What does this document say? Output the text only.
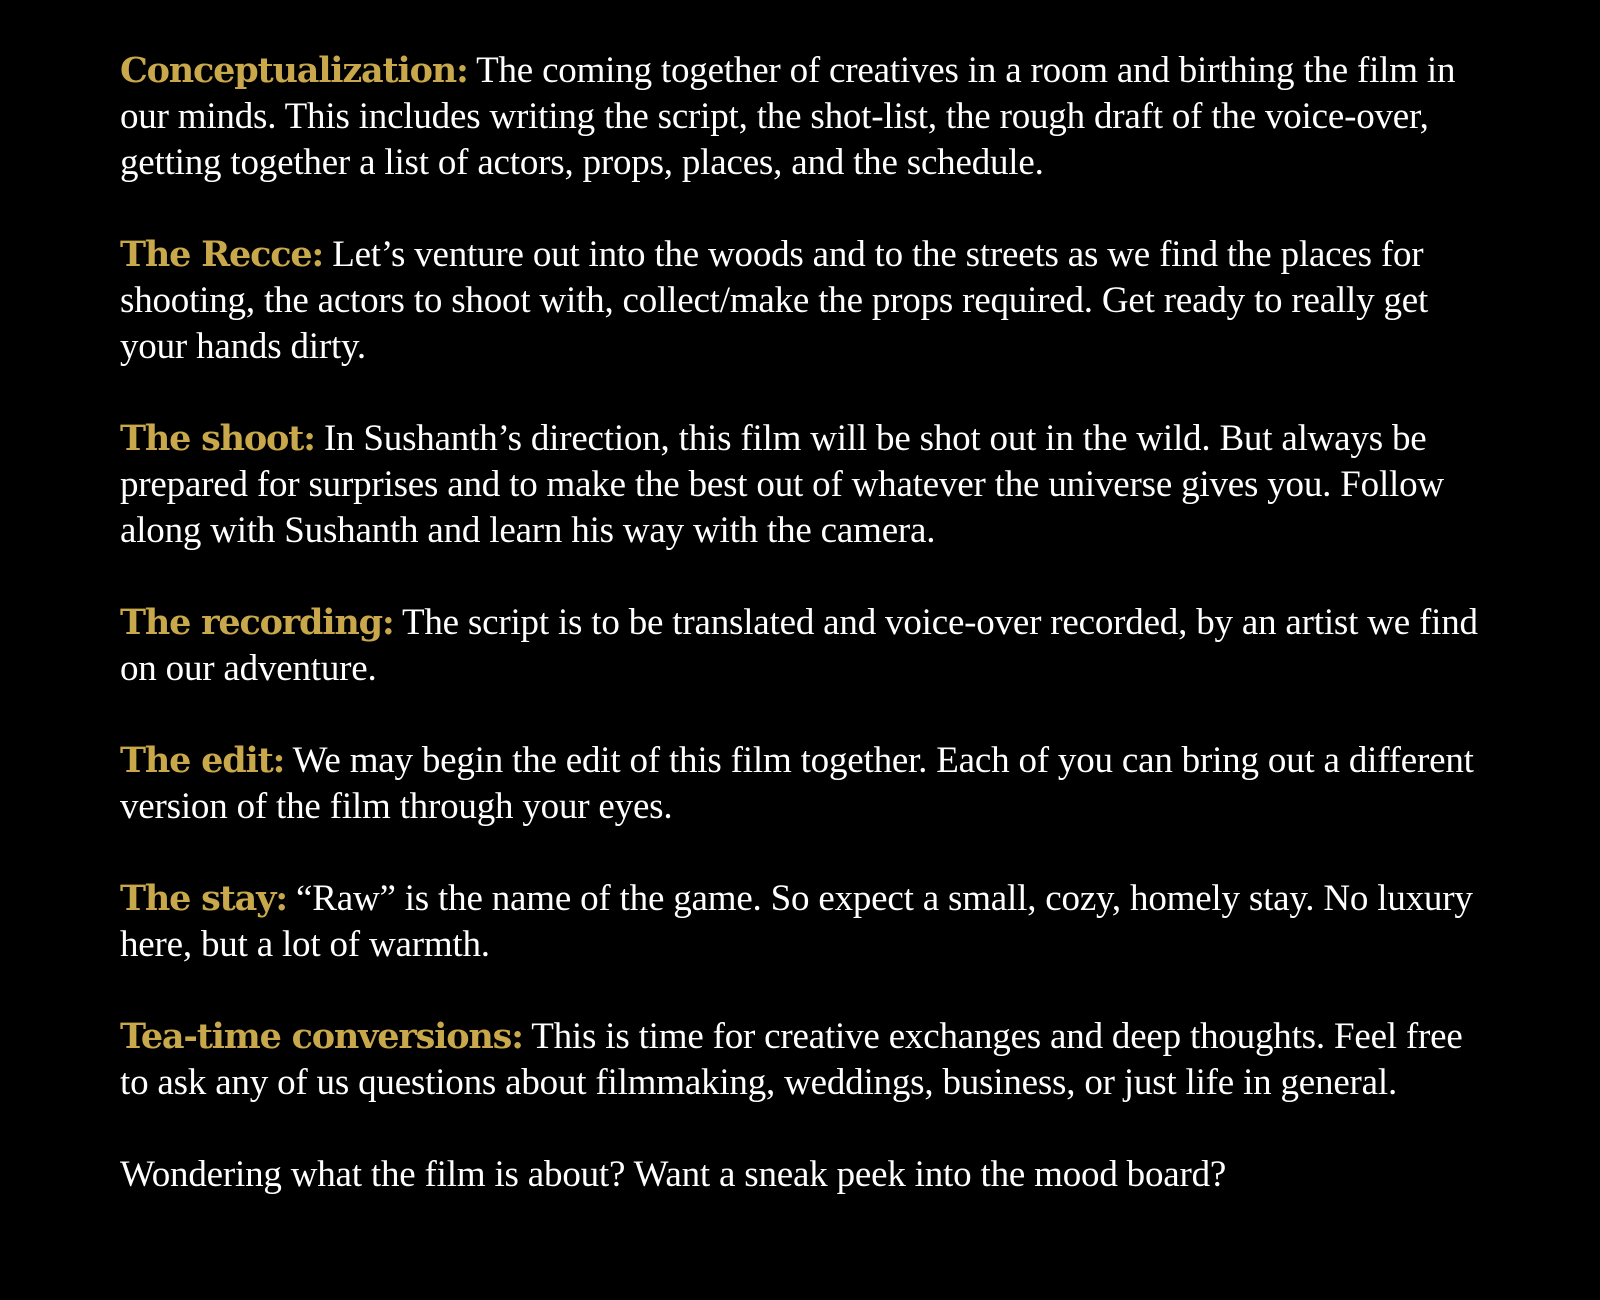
Conceptualization: The coming together of creatives in a room and birthing the film in our minds. This includes writing the script, the shot-list, the rough draft of the voice-over, getting together a list of actors, props, places, and the schedule.

The Recce: Let’s venture out into the woods and to the streets as we find the places for shooting, the actors to shoot with, collect/make the props required. Get ready to really get your hands dirty.

The shoot: In Sushanth’s direction, this film will be shot out in the wild. But always be prepared for surprises and to make the best out of whatever the universe gives you. Follow along with Sushanth and learn his way with the camera.

The recording: The script is to be translated and voice-over recorded, by an artist we find on our adventure.

The edit: We may begin the edit of this film together. Each of you can bring out a different version of the film through your eyes.

The stay: “Raw” is the name of the game. So expect a small, cozy, homely stay. No luxury here, but a lot of warmth.

Tea-time conversions: This is time for creative exchanges and deep thoughts. Feel free to ask any of us questions about filmmaking, weddings, business, or just life in general.

Wondering what the film is about? Want a sneak peek into the mood board?
